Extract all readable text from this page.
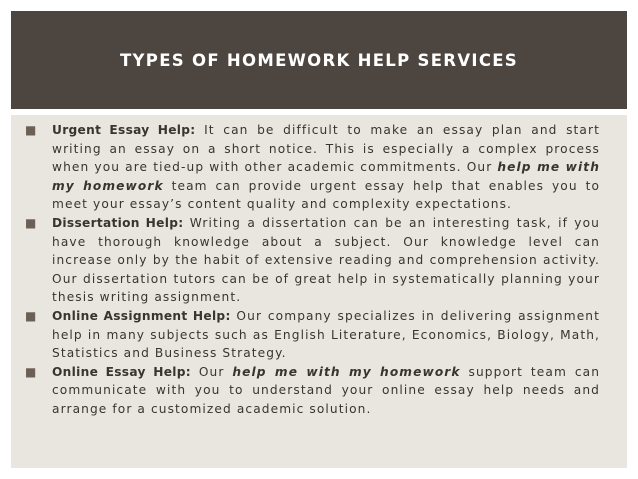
TYPES OF HOMEWORK HELP SERVICES
■ Urgent Essay Help: It can be difficult to make an essay plan and start writing an essay on a short notice. This is especially a complex process when you are tied-up with other academic commitments. Our help me with my homework team can provide urgent essay help that enables you to meet your essay’s content quality and complexity expectations.
■ Dissertation Help: Writing a dissertation can be an interesting task, if you have thorough knowledge about a subject. Our knowledge level can increase only by the habit of extensive reading and comprehension activity. Our dissertation tutors can be of great help in systematically planning your thesis writing assignment.
■ Online Assignment Help: Our company specializes in delivering assignment help in many subjects such as English Literature, Economics, Biology, Math, Statistics and Business Strategy.
■ Online Essay Help: Our help me with my homework support team can communicate with you to understand your online essay help needs and arrange for a customized academic solution.
